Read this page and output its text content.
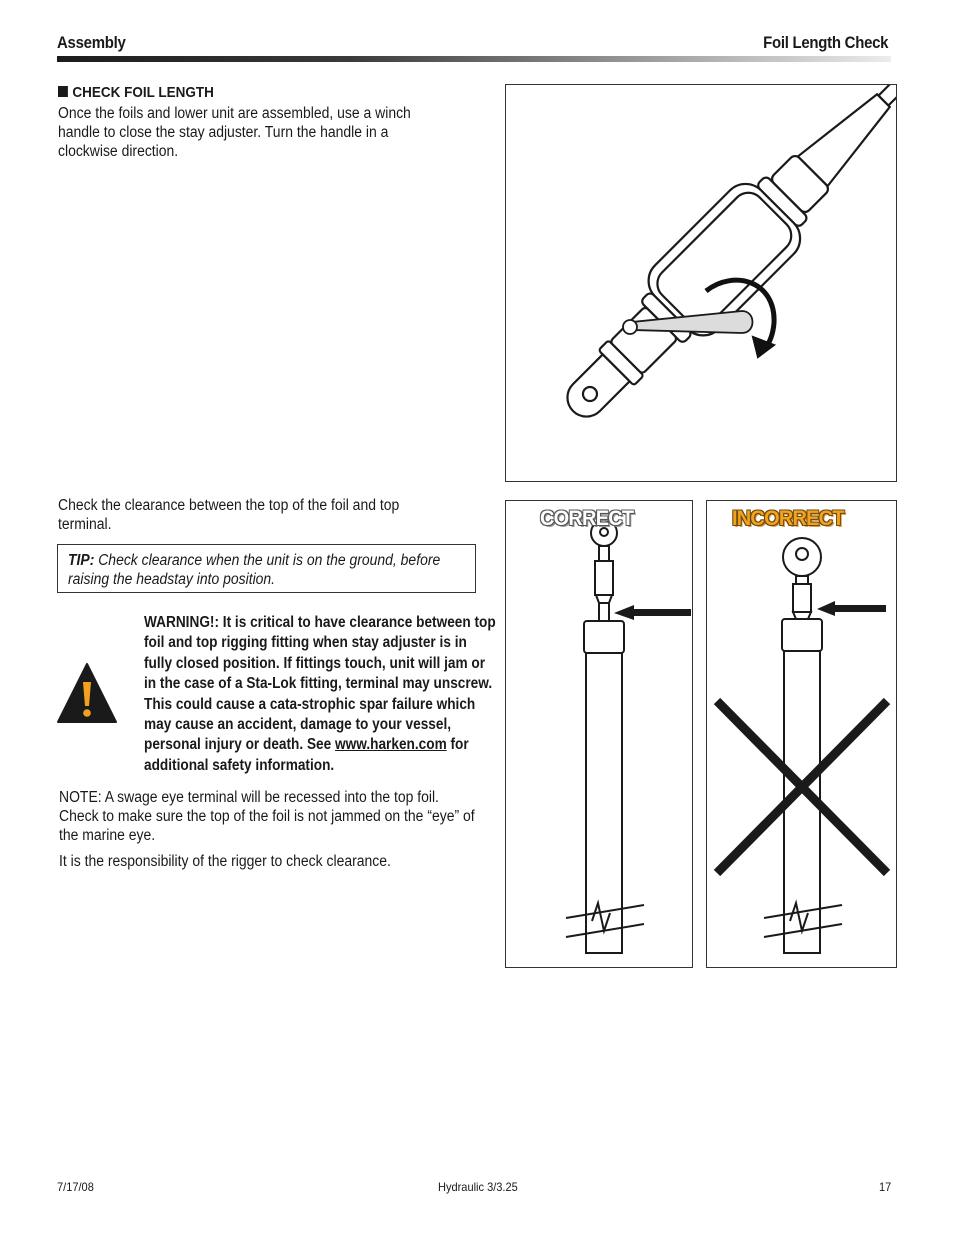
Assembly	Foil Length Check
CHECK FOIL LENGTH
Once the foils and lower unit are assembled, use a winch handle to close the stay adjuster. Turn the handle in a clockwise direction.
Check the clearance between the top of the foil and top terminal.
TIP: Check clearance when the unit is on the ground, before raising the headstay into position.
WARNING!: It is critical to have clearance between top foil and top rigging fitting when stay adjuster is in fully closed position. If fittings touch, unit will jam or in the case of a Sta-Lok fitting, terminal may unscrew. This could cause a cata-strophic spar failure which may cause an accident, damage to your vessel, personal injury or death. See www.harken.com for additional safety information.
NOTE: A swage eye terminal will be recessed into the top foil. Check to make sure the top of the foil is not jammed on the “eye” of the marine eye.
It is the responsibility of the rigger to check clearance.
CORRECT	INCORRECT
7/17/08	Hydraulic 3/3.25	17
